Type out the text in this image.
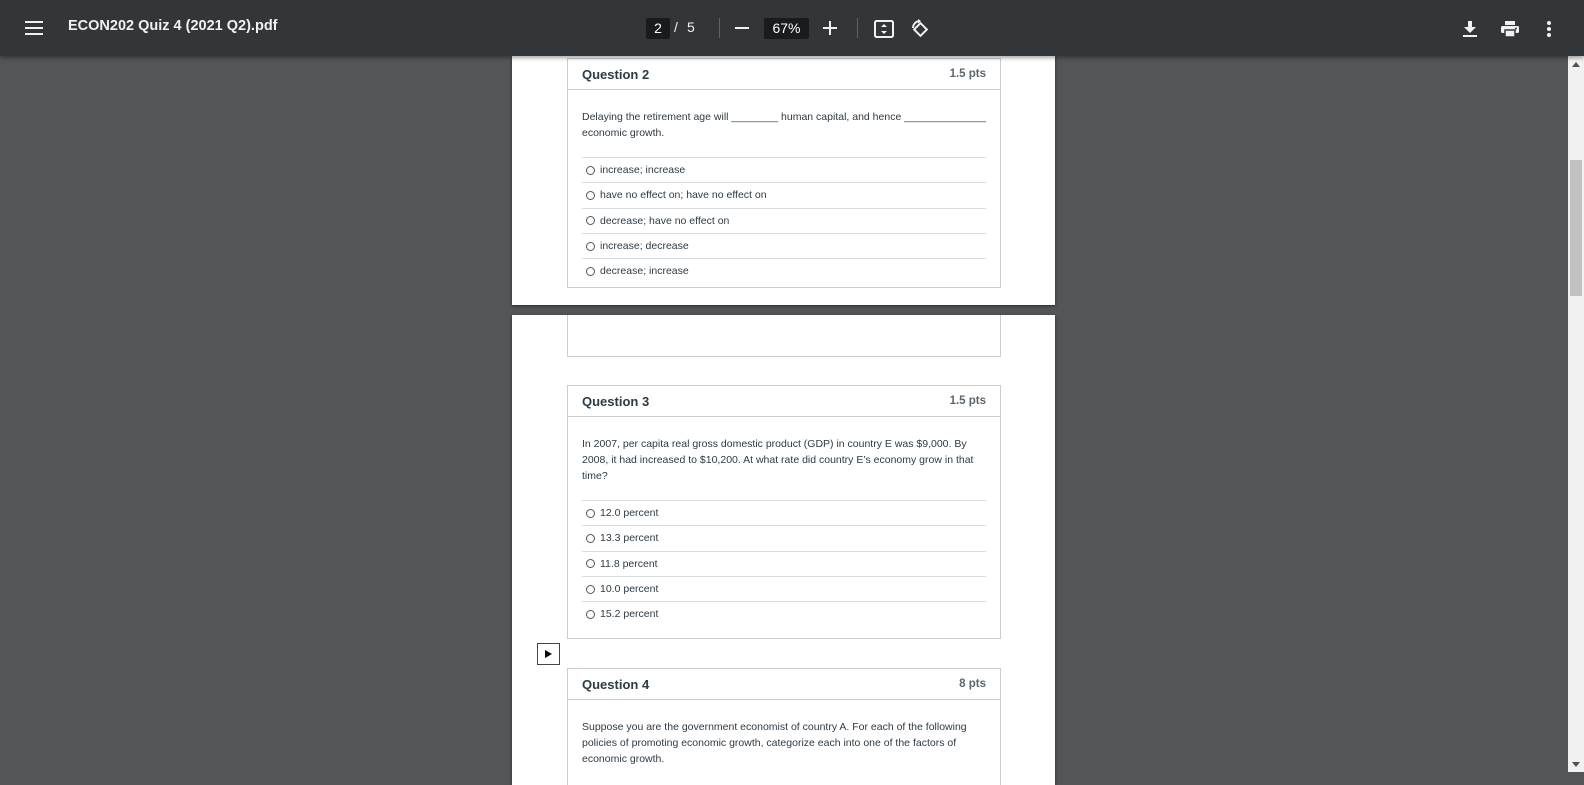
ECON202 Quiz 4 (2021 Q2).pdf	2 / 5	67%
Question 2	1.5 pts
Delaying the retirement age will ________ human capital, and hence ______________ economic growth.
increase; increase
have no effect on; have no effect on
decrease; have no effect on
increase; decrease
decrease; increase
Question 3	1.5 pts
In 2007, per capita real gross domestic product (GDP) in country E was $9,000. By 2008, it had increased to $10,200. At what rate did country E’s economy grow in that time?
12.0 percent
13.3 percent
11.8 percent
10.0 percent
15.2 percent
Question 4	8 pts
Suppose you are the government economist of country A. For each of the following policies of promoting economic growth, categorize each into one of the factors of economic growth.
